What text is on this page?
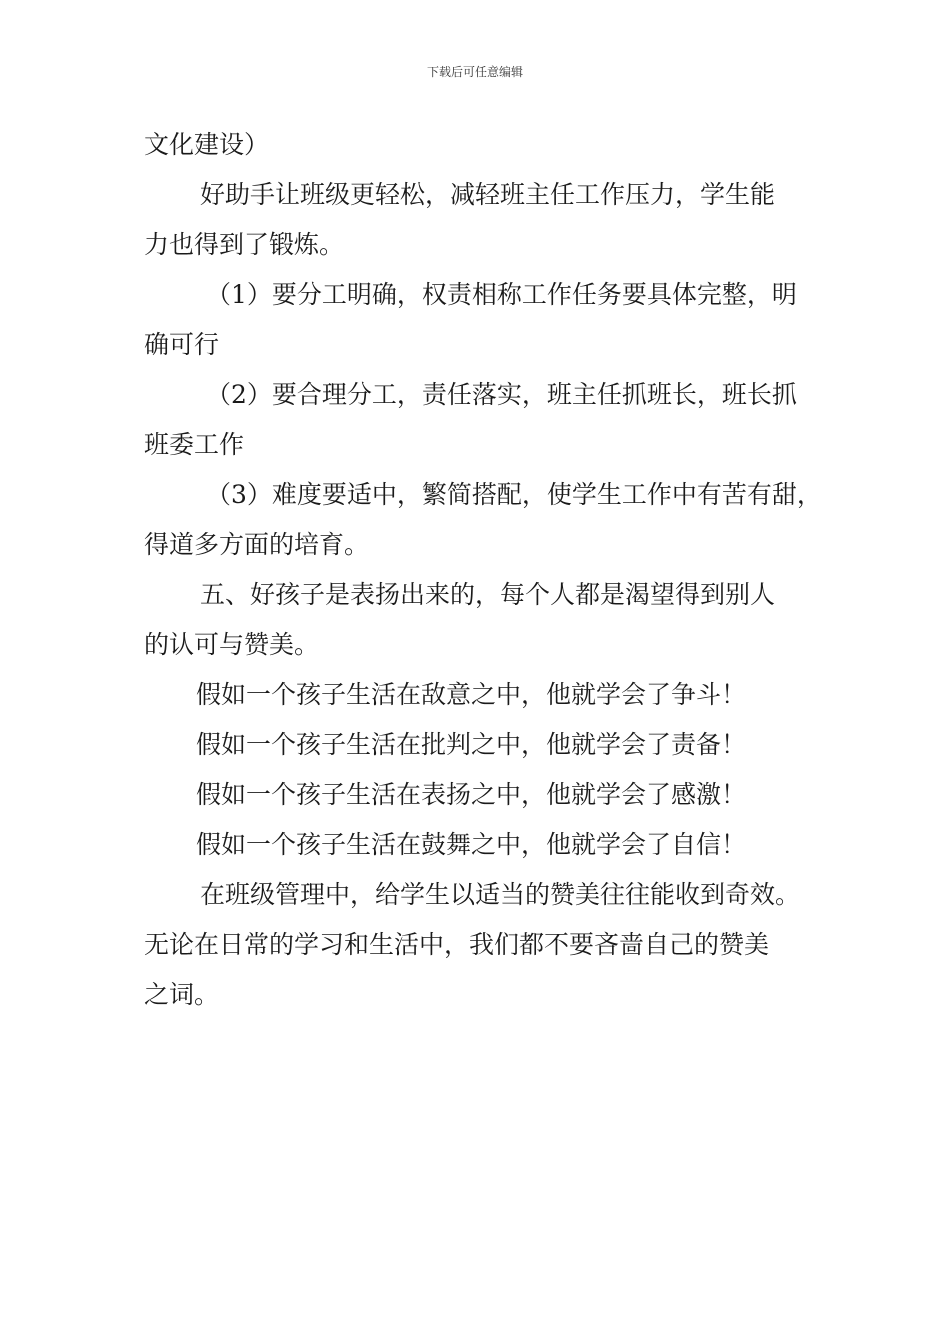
下载后可任意编辑
文化建设）
好助手让班级更轻松，减轻班主任工作压力，学生能
力也得到了锻炼。
（1）要分工明确，权责相称工作任务要具体完整，明
确可行
（2）要合理分工，责任落实，班主任抓班长，班长抓
班委工作
（3）难度要适中，繁简搭配，使学生工作中有苦有甜，
得道多方面的培育。
五、好孩子是表扬出来的，每个人都是渴望得到别人
的认可与赞美。
假如一个孩子生活在敌意之中，他就学会了争斗！
假如一个孩子生活在批判之中，他就学会了责备！
假如一个孩子生活在表扬之中，他就学会了感激！
假如一个孩子生活在鼓舞之中，他就学会了自信！
在班级管理中，给学生以适当的赞美往往能收到奇效。
无论在日常的学习和生活中，我们都不要吝啬自己的赞美
之词。
